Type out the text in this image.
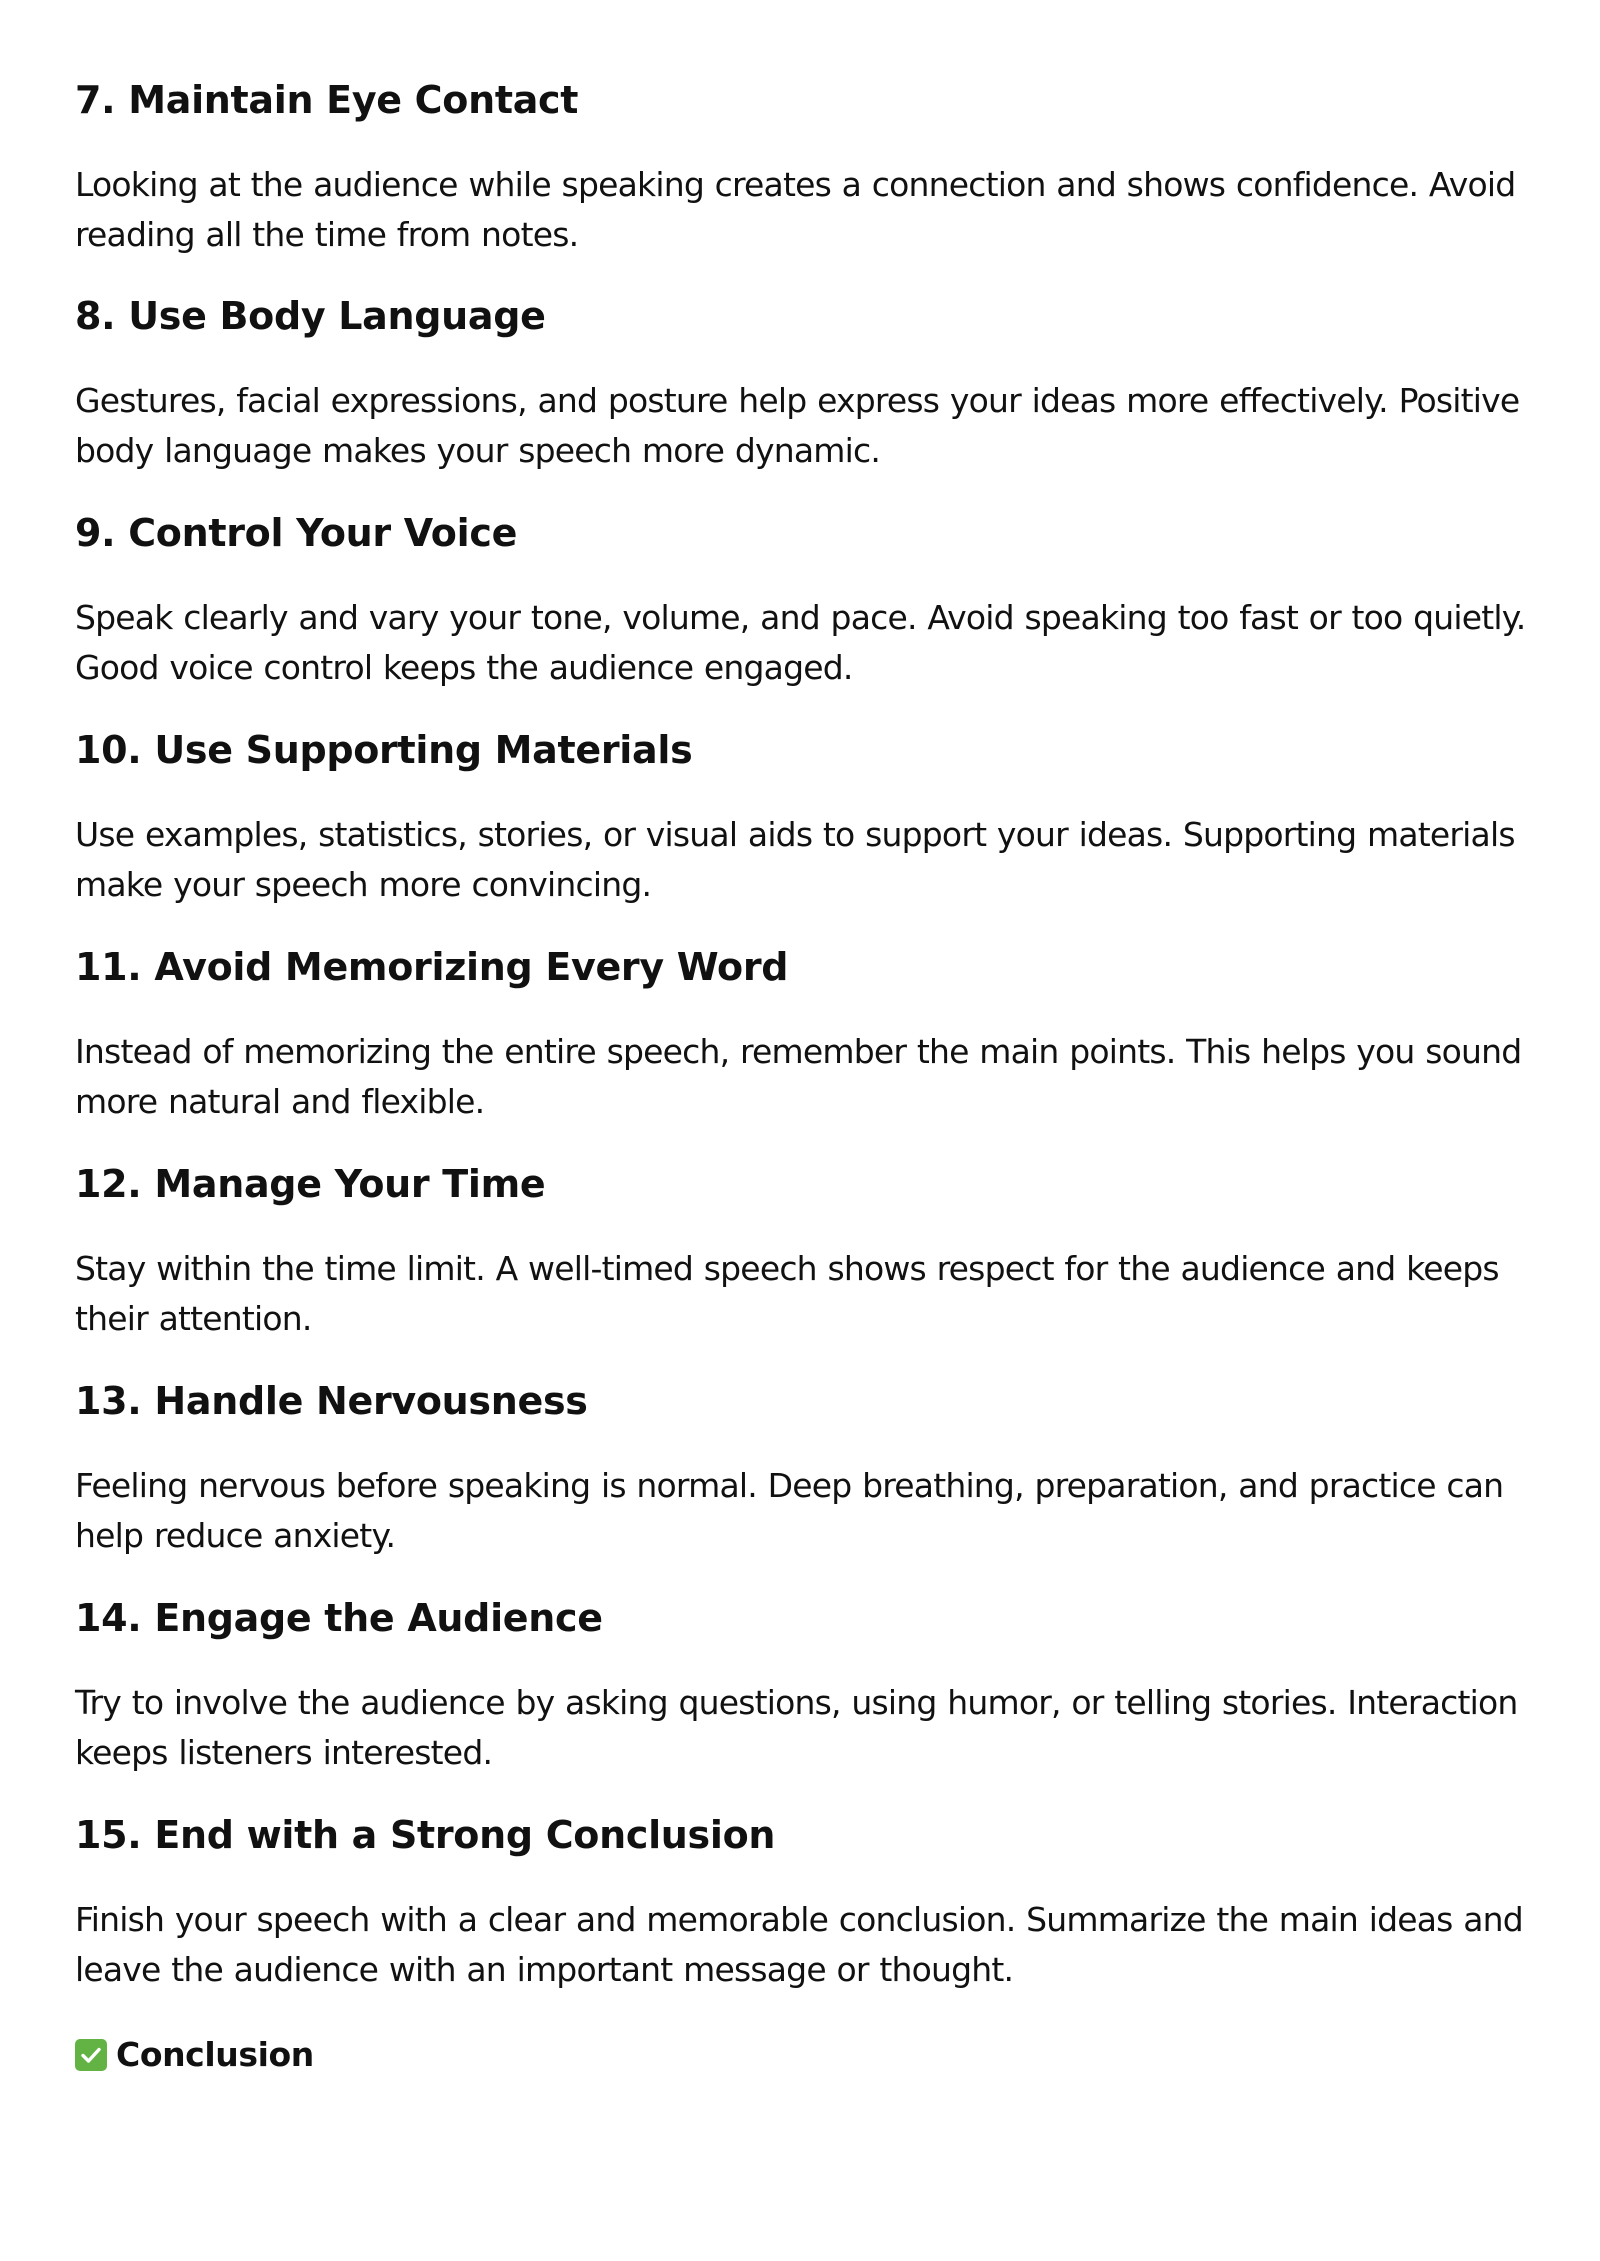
7. Maintain Eye Contact

Looking at the audience while speaking creates a connection and shows confidence. Avoid reading all the time from notes.

8. Use Body Language

Gestures, facial expressions, and posture help express your ideas more effectively. Positive body language makes your speech more dynamic.

9. Control Your Voice

Speak clearly and vary your tone, volume, and pace. Avoid speaking too fast or too quietly. Good voice control keeps the audience engaged.

10. Use Supporting Materials

Use examples, statistics, stories, or visual aids to support your ideas. Supporting materials make your speech more convincing.

11. Avoid Memorizing Every Word

Instead of memorizing the entire speech, remember the main points. This helps you sound more natural and flexible.

12. Manage Your Time

Stay within the time limit. A well-timed speech shows respect for the audience and keeps their attention.

13. Handle Nervousness

Feeling nervous before speaking is normal. Deep breathing, preparation, and practice can help reduce anxiety.

14. Engage the Audience

Try to involve the audience by asking questions, using humor, or telling stories. Interaction keeps listeners interested.

15. End with a Strong Conclusion

Finish your speech with a clear and memorable conclusion. Summarize the main ideas and leave the audience with an important message or thought.

Conclusion
